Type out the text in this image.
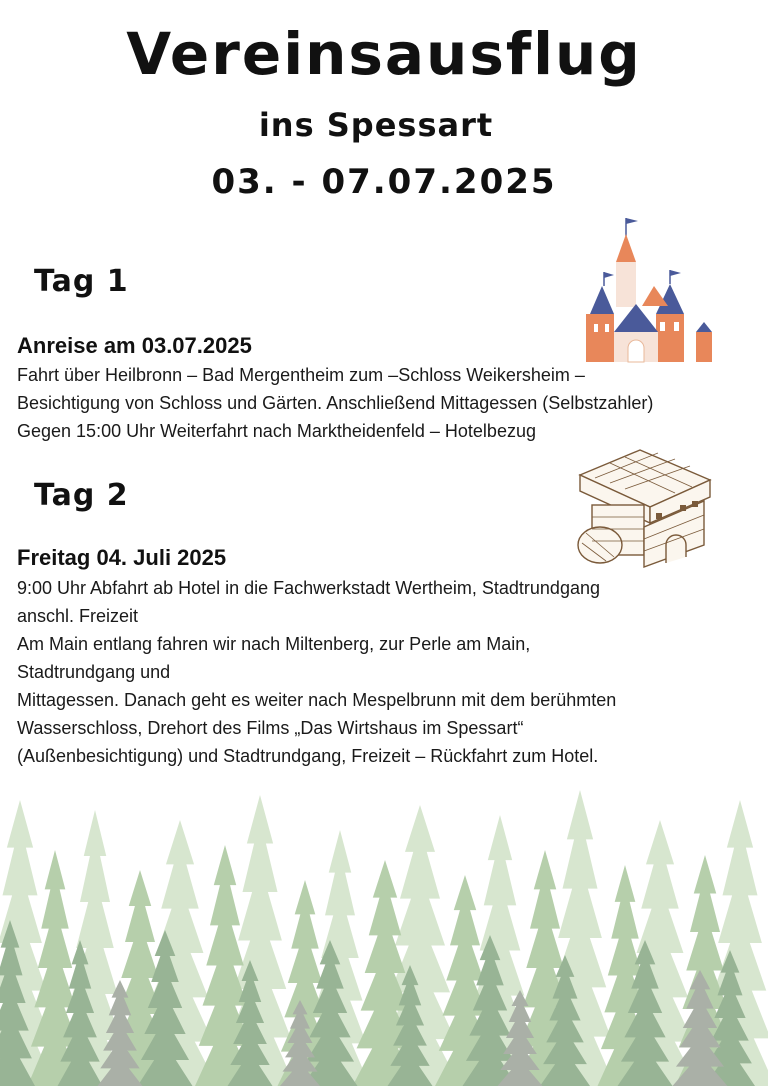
Vereinsausflug
ins Spessart
03. - 07.07.2025
Tag 1
Anreise am 03.07.2025
Fahrt über Heilbronn – Bad Mergentheim zum –Schloss Weikersheim –
Besichtigung von Schloss und Gärten. Anschließend Mittagessen (Selbstzahler)
Gegen 15:00 Uhr Weiterfahrt nach Marktheidenfeld – Hotelbezug
Tag 2
Freitag 04. Juli 2025
9:00 Uhr Abfahrt ab Hotel in die Fachwerkstadt Wertheim, Stadtrundgang
anschl. Freizeit
Am Main entlang fahren wir nach Miltenberg, zur Perle am Main,
Stadtrundgang und
Mittagessen. Danach geht es weiter nach Mespelbrunn mit dem berühmten
Wasserschloss, Drehort des Films „Das Wirtshaus im Spessart“
(Außenbesichtigung) und Stadtrundgang, Freizeit – Rückfahrt zum Hotel.
